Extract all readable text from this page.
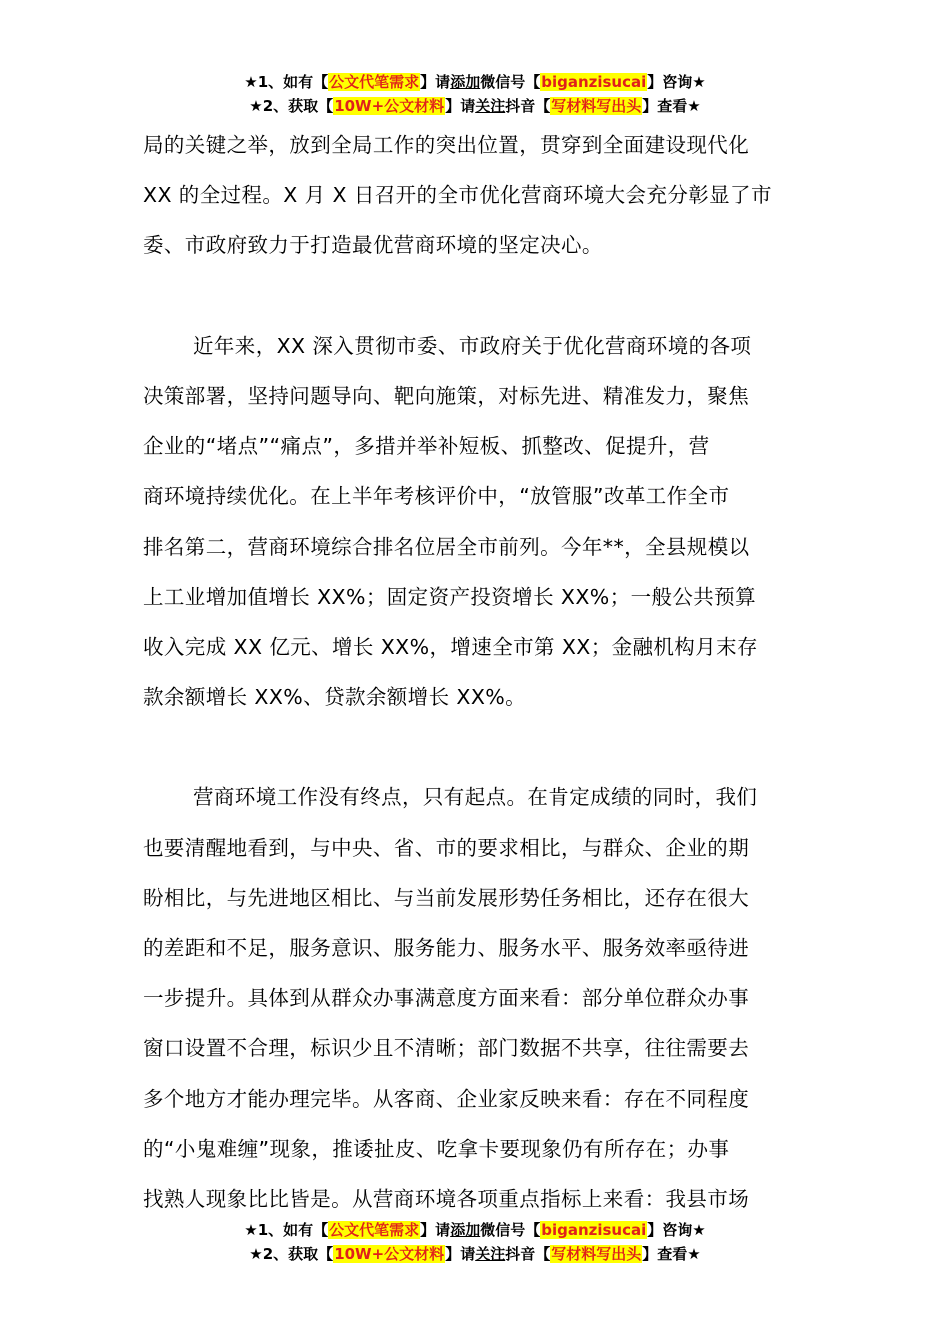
★1、如有【公文代笔需求】请添加微信号【biganzisucai】咨询★
★2、获取【10W+公文材料】请关注抖音【写材料写出头】查看★
局的关键之举，放到全局工作的突出位置，贯穿到全面建设现代化
XX 的全过程。X 月 X 日召开的全市优化营商环境大会充分彰显了市
委、市政府致力于打造最优营商环境的坚定决心。
近年来，XX 深入贯彻市委、市政府关于优化营商环境的各项
决策部署，坚持问题导向、靶向施策，对标先进、精准发力，聚焦
企业的“堵点”“痛点”，多措并举补短板、抓整改、促提升，营
商环境持续优化。在上半年考核评价中，“放管服”改革工作全市
排名第二，营商环境综合排名位居全市前列。今年**，全县规模以
上工业增加值增长 XX%；固定资产投资增长 XX%；一般公共预算
收入完成 XX 亿元、增长 XX%，增速全市第 XX；金融机构月末存
款余额增长 XX%、贷款余额增长 XX%。
营商环境工作没有终点，只有起点。在肯定成绩的同时，我们
也要清醒地看到，与中央、省、市的要求相比，与群众、企业的期
盼相比，与先进地区相比、与当前发展形势任务相比，还存在很大
的差距和不足，服务意识、服务能力、服务水平、服务效率亟待进
一步提升。具体到从群众办事满意度方面来看：部分单位群众办事
窗口设置不合理，标识少且不清晰；部门数据不共享，往往需要去
多个地方才能办理完毕。从客商、企业家反映来看：存在不同程度
的“小鬼难缠”现象，推诿扯皮、吃拿卡要现象仍有所存在；办事
找熟人现象比比皆是。从营商环境各项重点指标上来看：我县市场
★1、如有【公文代笔需求】请添加微信号【biganzisucai】咨询★
★2、获取【10W+公文材料】请关注抖音【写材料写出头】查看★
